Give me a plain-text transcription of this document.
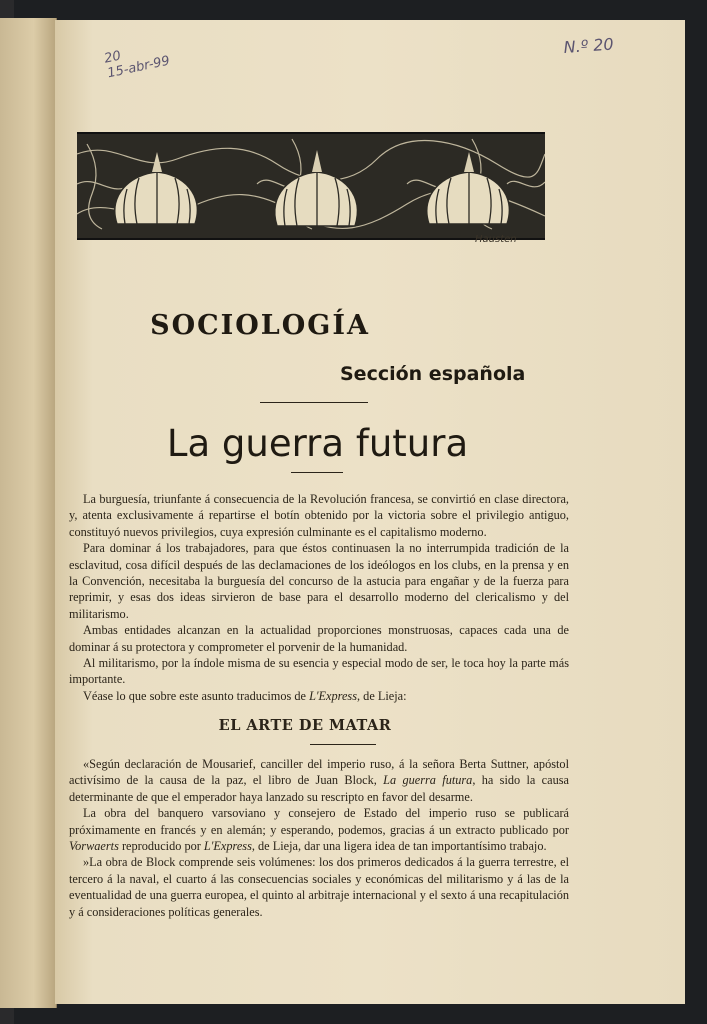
20
15-abr-99
N.º 20
Hausten
SOCIOLOGÍA
Sección española
La guerra futura

La burguesía, triunfante á consecuencia de la Revolución francesa, se convirtió en clase directora, y, atenta exclusivamente á repartirse el botín obtenido por la victoria sobre el privilegio antiguo, constituyó nuevos privilegios, cuya expresión culminante es el capitalismo moderno.

Para dominar á los trabajadores, para que éstos continuasen la no interrumpida tradición de la esclavitud, cosa difícil después de las declamaciones de los ideólogos en los clubs, en la prensa y en la Convención, necesitaba la burguesía del concurso de la astucia para engañar y de la fuerza para reprimir, y esas dos ideas sirvieron de base para el desarrollo moderno del clericalismo y del militarismo.

Ambas entidades alcanzan en la actualidad proporciones monstruosas, capaces cada una de dominar á su protectora y comprometer el porvenir de la humanidad.

Al militarismo, por la índole misma de su esencia y especial modo de ser, le toca hoy la parte más importante.

Véase lo que sobre este asunto traducimos de L'Express, de Lieja:

EL ARTE DE MATAR

«Según declaración de Mousarief, canciller del imperio ruso, á la señora Berta Suttner, apóstol activísimo de la causa de la paz, el libro de Juan Block, La guerra futura, ha sido la causa determinante de que el emperador haya lanzado su rescripto en favor del desarme.

La obra del banquero varsoviano y consejero de Estado del imperio ruso se publicará próximamente en francés y en alemán; y esperando, podemos, gracias á un extracto publicado por Vorwaerts reproducido por L'Express, de Lieja, dar una ligera idea de tan importantísimo trabajo.

»La obra de Block comprende seis volúmenes: los dos primeros dedicados á la guerra terrestre, el tercero á la naval, el cuarto á las consecuencias sociales y económicas del militarismo y á las de la eventualidad de una guerra europea, el quinto al arbitraje internacional y el sexto á una recapitulación y á consideraciones políticas generales.
